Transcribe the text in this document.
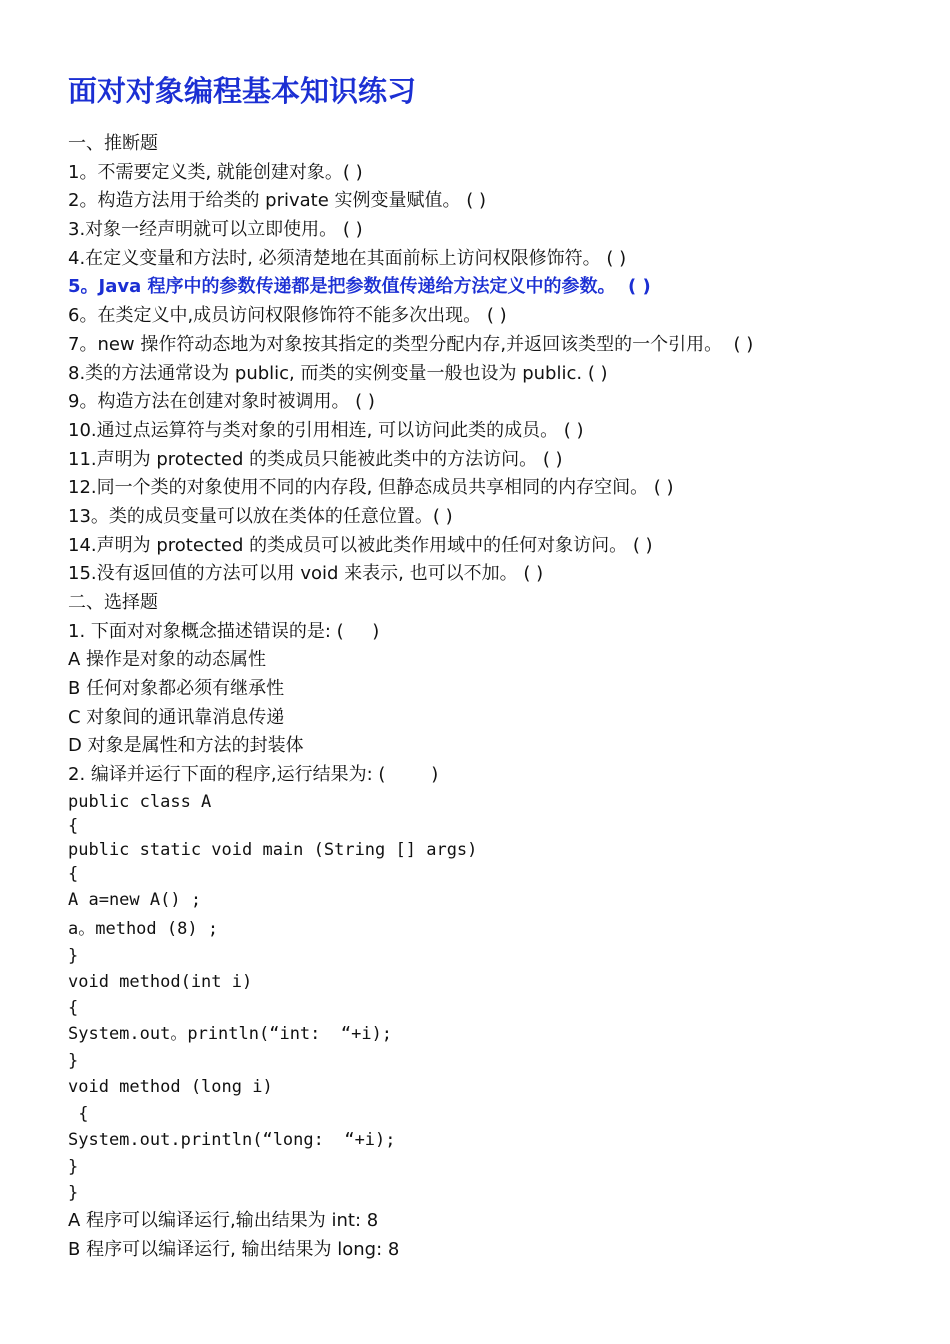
面对对象编程基本知识练习
一、推断题
1。不需要定义类, 就能创建对象。( )
2。构造方法用于给类的 private 实例变量赋值。 ( )
3.对象一经声明就可以立即使用。 ( )
4.在定义变量和方法时, 必须清楚地在其面前标上访问权限修饰符。 ( )
5。Java 程序中的参数传递都是把参数值传递给方法定义中的参数。  ( )
6。在类定义中,成员访问权限修饰符不能多次出现。 ( )
7。new 操作符动态地为对象按其指定的类型分配内存,并返回该类型的一个引用。  ( )
8.类的方法通常设为 public, 而类的实例变量一般也设为 public. ( )
9。构造方法在创建对象时被调用。 ( )
10.通过点运算符与类对象的引用相连, 可以访问此类的成员。 ( )
11.声明为 protected 的类成员只能被此类中的方法访问。 ( )
12.同一个类的对象使用不同的内存段, 但静态成员共享相同的内存空间。 ( )
13。类的成员变量可以放在类体的任意位置。( )
14.声明为 protected 的类成员可以被此类作用域中的任何对象访问。 ( )
15.没有返回值的方法可以用 void 来表示, 也可以不加。 ( )
二、选择题
1. 下面对对象概念描述错误的是: (     )
A 操作是对象的动态属性
B 任何对象都必须有继承性
C 对象间的通讯靠消息传递
D 对象是属性和方法的封装体
2. 编译并运行下面的程序,运行结果为: (        )
public class A
{
public static void main (String [] args)
{
A a=new A() ;
a。method (8) ;
}
void method(int i)
{
System.out。println(“int:  “+i);
}
void method (long i)
{
System.out.println(“long:  “+i);
}
}
A 程序可以编译运行,输出结果为 int: 8
B 程序可以编译运行, 输出结果为 long: 8
